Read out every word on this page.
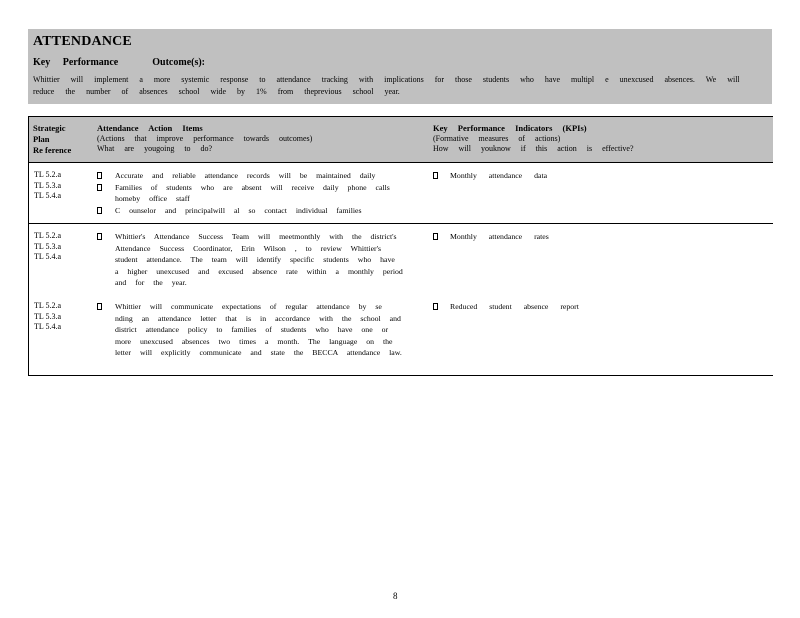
ATTENDANCE
Key Performance	Outcome(s):
Whittier will implement a more systemic response to attendance tracking with implications for those students who have multipl e unexcused absences. We will reduce the number of absences school wide by 1% from theprevious school year.
Strategic
Plan
Re ference
Attendance Action Items
(Actions that improve performance towards outcomes)
What are yougoing to do?
Key Performance Indicators (KPIs)
(Formative measures of actions)
How will youknow if this action is effective?
TL 5.2.a
TL 5.3.a
TL 5.4.a
Accurate and reliable attendance records will be maintained daily
Families of students who are absent will receive daily phone calls homeby office staff
C ounselor and principalwill al so contact individual families
Monthly attendance data
TL 5.2.a
TL 5.3.a
TL 5.4.a
Whittier's Attendance Success Team will meetmonthly with the district's Attendance Success Coordinator, Erin Wilson , to review Whittier's student attendance. The team will identify specific students who have a higher unexcused and excused absence rate within a monthly period and for the year.
Monthly attendance rates
TL 5.2.a
TL 5.3.a
TL 5.4.a
Whittier will communicate expectations of regular attendance by se nding an attendance letter that is in accordance with the school and district attendance policy to families of students who have one or more unexcused absences two times a month. The language on the letter will explicitly communicate and state the BECCA attendance law.
Reduced student absence report
8
